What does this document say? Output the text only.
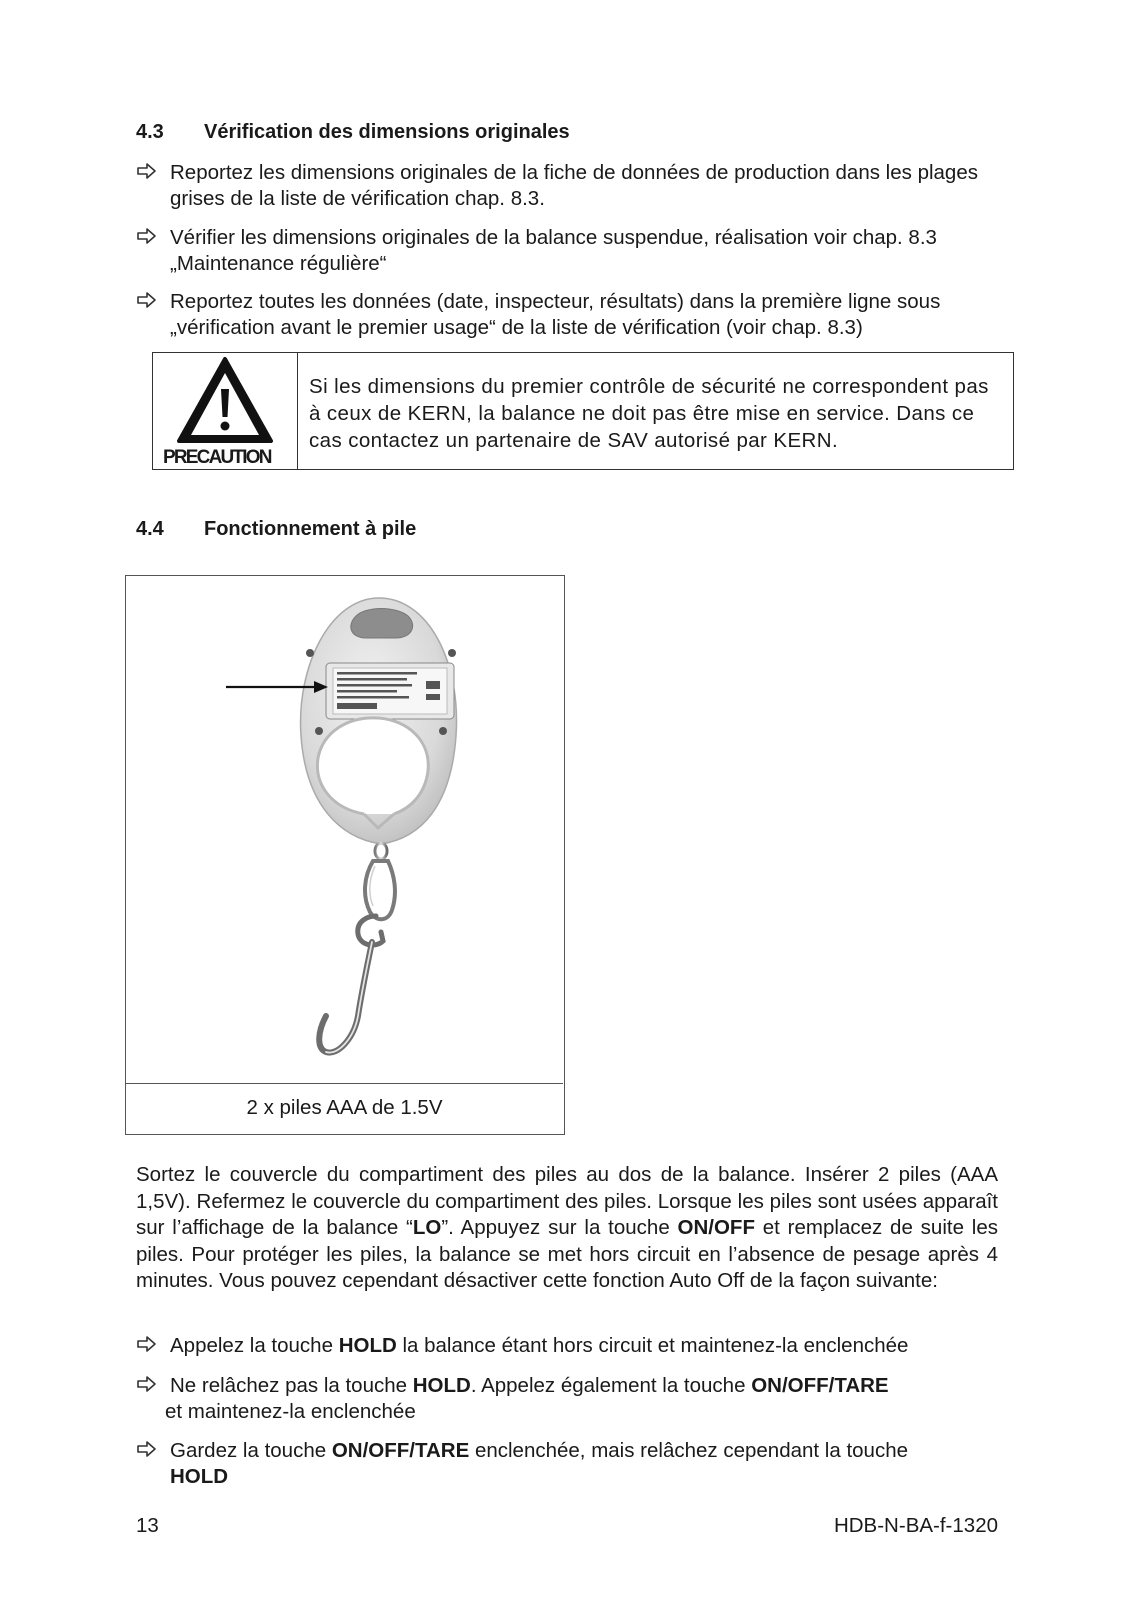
4.3 Vérification des dimensions originales
Reportez les dimensions originales de la fiche de données de production dans les plages grises de la liste de vérification chap. 8.3.
Vérifier les dimensions originales de la balance suspendue, réalisation voir chap. 8.3 „Maintenance régulière“
Reportez toutes les données (date, inspecteur, résultats) dans la première ligne sous „vérification avant le premier usage“ de la liste de vérification (voir chap. 8.3)
PRECAUTION
Si les dimensions du premier contrôle de sécurité ne correspondent pas à ceux de KERN, la balance ne doit pas être mise en service. Dans ce cas contactez un partenaire de SAV autorisé par KERN.
4.4 Fonctionnement à pile
2 x piles AAA de 1.5V
Sortez le couvercle du compartiment des piles au dos de la balance. Insérer 2 piles (AAA 1,5V). Refermez le couvercle du compartiment des piles. Lorsque les piles sont usées apparaît sur l’affichage de la balance “LO”. Appuyez sur la touche ON/OFF et remplacez de suite les piles. Pour protéger les piles, la balance se met hors circuit en l’absence de pesage après 4 minutes. Vous pouvez cependant désactiver cette fonction Auto Off de la façon suivante:
Appelez la touche HOLD la balance étant hors circuit et maintenez-la enclenchée
Ne relâchez pas la touche HOLD. Appelez également la touche ON/OFF/TARE
et maintenez-la enclenchée
Gardez la touche ON/OFF/TARE enclenchée, mais relâchez cependant la touche
HOLD
13	HDB-N-BA-f-1320
